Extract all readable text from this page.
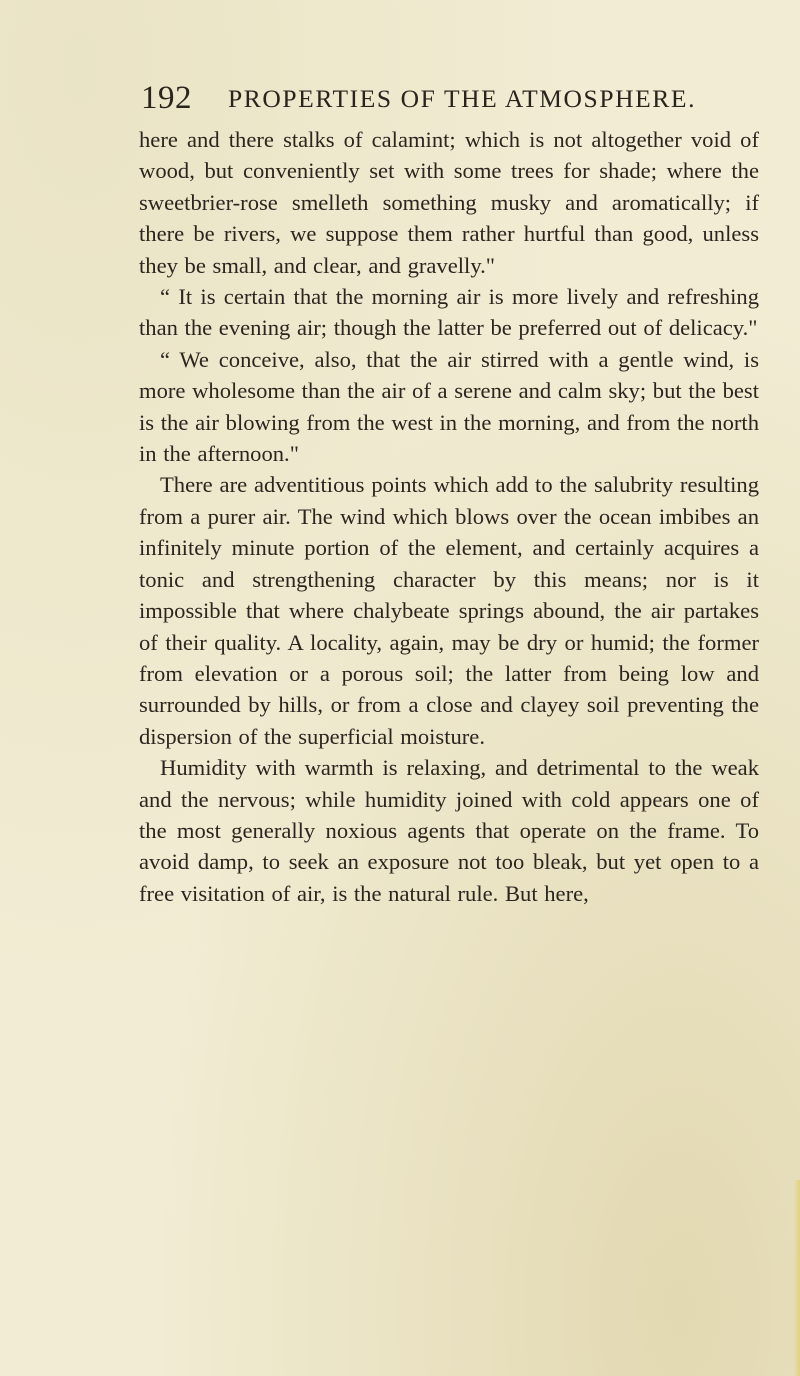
192 PROPERTIES OF THE ATMOSPHERE.

here and there stalks of calamint; which is not altogether void of wood, but conveniently set with some trees for shade; where the sweetbrier-rose smelleth something musky and aromatically; if there be rivers, we suppose them rather hurtful than good, unless they be small, and clear, and gravelly."

“ It is certain that the morning air is more lively and refreshing than the evening air; though the latter be preferred out of delicacy."

“ We conceive, also, that the air stirred with a gentle wind, is more wholesome than the air of a serene and calm sky; but the best is the air blowing from the west in the morning, and from the north in the afternoon."

There are adventitious points which add to the salubrity resulting from a purer air. The wind which blows over the ocean imbibes an infinitely minute portion of the element, and certainly acquires a tonic and strengthening character by this means; nor is it impossible that where chalybeate springs abound, the air partakes of their quality. A locality, again, may be dry or humid; the former from elevation or a porous soil; the latter from being low and surrounded by hills, or from a close and clayey soil preventing the dispersion of the superficial moisture.

Humidity with warmth is relaxing, and detrimental to the weak and the nervous; while humidity joined with cold appears one of the most generally noxious agents that operate on the frame. To avoid damp, to seek an exposure not too bleak, but yet open to a free visitation of air, is the natural rule. But here,
